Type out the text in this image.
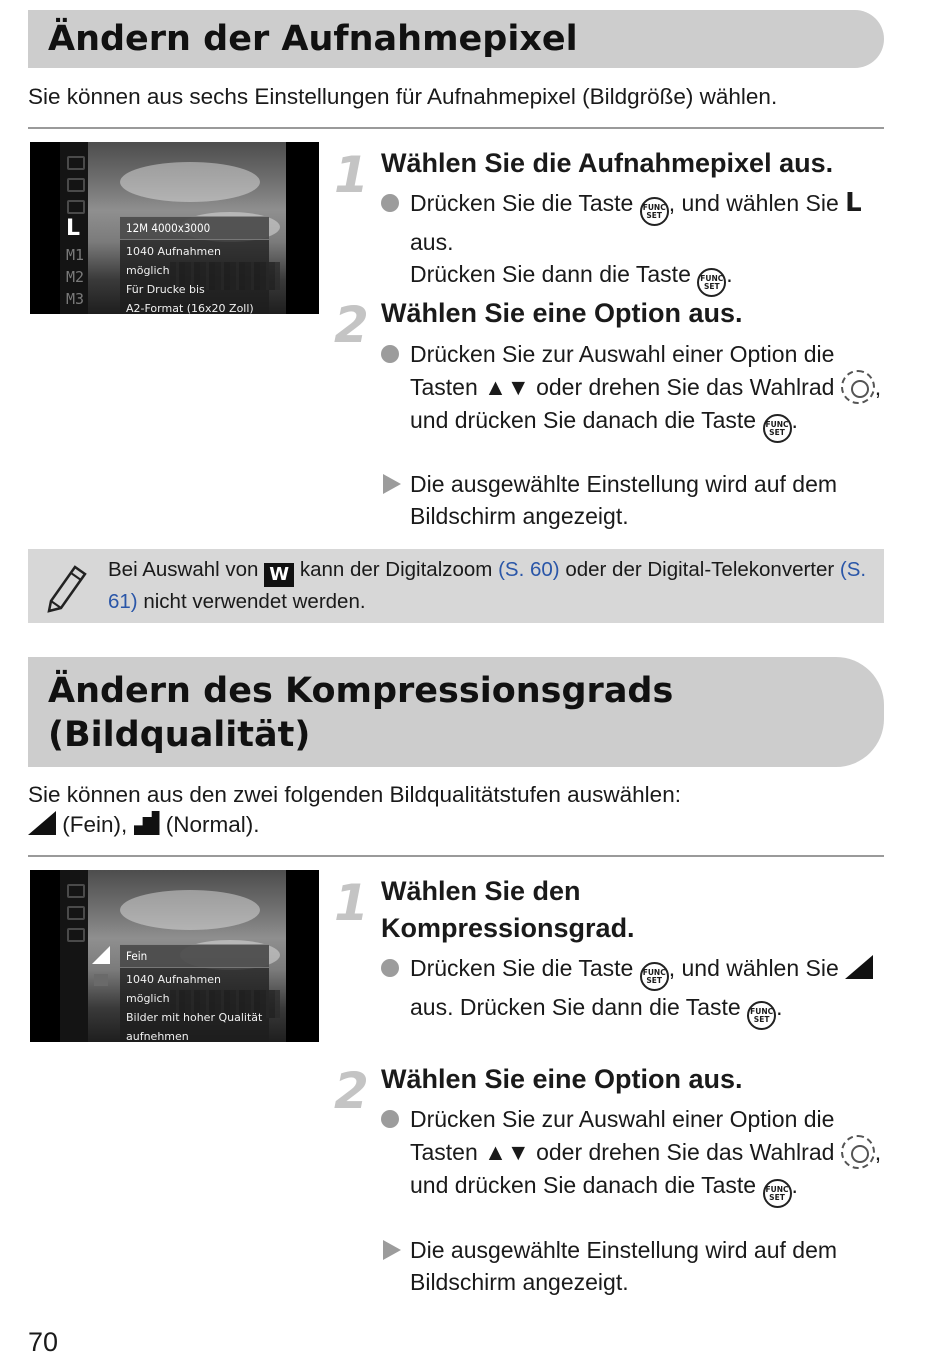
Ändern der Aufnahmepixel

Sie können aus sechs Einstellungen für Aufnahmepixel (Bildgröße) wählen.

L
M1
M2
M3
12M 4000x3000
1040 Aufnahmen möglich
Für Drucke bis
A2-Format (16x20 Zoll)
1 Wählen Sie die Aufnahmepixel aus.

Drücken Sie die Taste FUNC
SET , und wählen Sie L aus.
Drücken Sie dann die Taste FUNC
SET .

2 Wählen Sie eine Option aus.

Drücken Sie zur Auswahl einer Option die Tasten ▲▼ oder drehen Sie das Wahlrad , und drücken Sie danach die Taste FUNC
SET .

Die ausgewählte Einstellung wird auf dem Bildschirm angezeigt.

Bei Auswahl von W kann der Digitalzoom (S. 60) oder der Digital-Telekonverter (S. 61) nicht verwendet werden.

Ändern des Kompressionsgrads
(Bildqualität)

Sie können aus den zwei folgenden Bildqualitätstufen auswählen:
(Fein),  (Normal).

Fein
1040 Aufnahmen möglich
Bilder mit hoher Qualität
aufnehmen
1 Wählen Sie den
Kompressionsgrad.

Drücken Sie die Taste FUNC
SET , und wählen Sie  aus. Drücken Sie dann die Taste FUNC
SET .

2 Wählen Sie eine Option aus.

Drücken Sie zur Auswahl einer Option die Tasten ▲▼ oder drehen Sie das Wahlrad , und drücken Sie danach die Taste FUNC
SET .

Die ausgewählte Einstellung wird auf dem Bildschirm angezeigt.

70
